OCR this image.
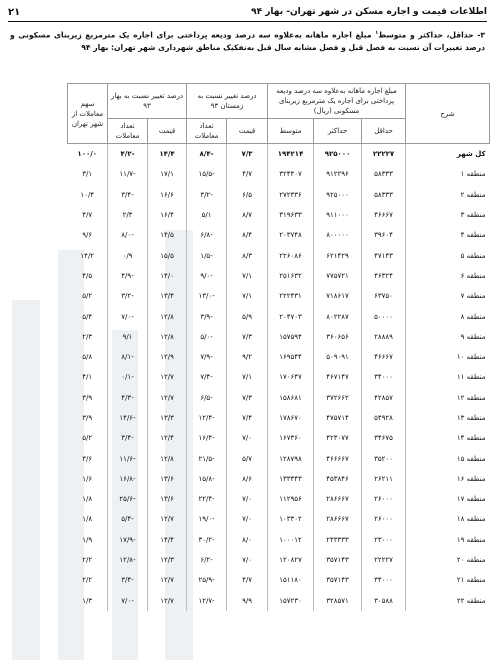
اطلاعات قیمت و اجاره مسکن در شهر تهران- بهار ۹۴
۲۱
۳- حداقل، حداکثر و متوسط$^۱$ مبلغ اجاره ماهانه به‌علاوه سه درصد ودیعه پرداختی برای اجاره یک مترمربع زیربنای مسکونی و درصد تغییرات آن نسبت به فصل قبل و فصل مشابه سال قبل به‌تفکیک مناطق شهرداری شهر تهران: بهار ۹۴
شرح	مبلغ اجاره ماهانه به‌علاوه سه درصد ودیعه پرداختی برای اجاره یک مترمربع زیربنای مسکونی (ریال)			درصد تغییر نسبت به زمستان ۹۳		درصد تغییر نسبت به بهار ۹۳		سهم معاملات از شهر تهران
	حداقل	حداکثر	متوسط	قیمت	تعداد معاملات	قیمت	تعداد معاملات	
کل شهر	۲۲۲۲۷	۹۲۵۰۰۰	۱۹۴۲۱۴	۷/۳	-۸/۴	۱۴/۴	-۴/۲	۱۰۰/۰
منطقه ۱	۵۸۳۳۳	۹۱۲۲۹۶	۳۲۴۴۰۷	۴/۷	-۱۵/۵	۱۷/۱	-۱۱/۷	۳/۱
منطقه ۲	۵۸۳۳۳	۹۲۵۰۰۰	۲۷۲۳۳۶	۶/۵	-۳/۲	۱۶/۶	-۳/۴	۱۰/۴
منطقه ۳	۴۶۶۶۷	۹۱۱۰۰۰	۳۱۹۶۳۳	۸/۷	۵/۱	۱۶/۴	۲/۳	۴/۷
منطقه ۴	۳۹۶۰۴	۸۰۰۰۰۰	۲۰۳۷۴۸	۸/۴	-۶/۸	۱۴/۵	-۸/۰	۹/۶
منطقه ۵	۴۷۱۴۳	۶۲۱۴۲۹	۲۲۶۰۸۶	۸/۳	-۱/۵	۱۵/۵	۰/۹	۱۴/۲
منطقه ۶	۴۶۳۲۴	۷۷۵۷۲۱	۲۵۱۶۳۲	۷/۱	-۹/۰	۱۴/۰	-۴/۹	۴/۵
منطقه ۷	۶۳۷۵۰	۷۱۸۶۱۷	۲۲۲۴۳۱	۷/۱	-۱۳/۰	۱۳/۴	-۳/۲	۵/۲
منطقه ۸	۵۰۰۰۰	۸۰۲۲۸۷	۲۰۴۷۰۳	۵/۹	-۳/۹	۱۲/۸	-۷/۰	۵/۴
منطقه ۹	۲۸۸۸۹	۳۶۰۶۵۶	۱۵۷۵۹۴	۷/۳	-۵/۰	۱۲/۸	۹/۱	۲/۳
منطقه ۱۰	۴۶۶۶۷	۵۰۹۰۹۱	۱۶۹۵۴۴	۹/۲	-۷/۹	۱۲/۹	-۸/۱	۵/۸
منطقه ۱۱	۳۴۰۰۰	۴۶۷۱۴۷	۱۷۰۶۴۷	۷/۱	-۷/۴	۱۲/۷	-۰/۱	۴/۱
منطقه ۱۲	۴۲۸۵۷	۳۷۲۶۶۲	۱۵۸۶۸۱	۷/۳	-۶/۵	۱۲/۷	-۴/۳	۳/۹
منطقه ۱۳	۵۴۹۲۸	۴۷۵۷۱۴	۱۷۸۶۷۰	۷/۴	-۱۲/۴	۱۳/۳	-۱۴/۶	۳/۹
منطقه ۱۴	۳۴۶۷۵	۴۲۳۰۷۷	۱۶۷۳۶۰	۷/۰	-۱۶/۴	۱۲/۴	-۳/۴	۵/۲
منطقه ۱۵	۳۵۲۰۰	۴۶۶۶۶۷	۱۲۸۷۹۸	۵/۷	-۲۱/۵	۱۲/۸	-۱۱/۶	۳/۶
منطقه ۱۶	۲۶۲۱۱	۴۵۳۸۴۶	۱۳۳۳۴۳	۸/۶	-۱۵/۸	۱۳/۶	-۱۶/۸	۱/۶
منطقه ۱۷	۲۶۰۰۰	۲۸۶۶۶۷	۱۱۲۹۵۶	۷/۰	-۲۲/۴	۱۳/۶	-۲۵/۶	۱/۸
منطقه ۱۸	۲۶۰۰۰	۲۸۶۶۶۷	۱۰۳۳۰۲	۷/۰	-۱۹/۰	۱۲/۷	-۵/۴	۱/۸
منطقه ۱۹	۲۳۰۰۰	۲۴۳۳۳۳	۱۰۰۰۱۲	۸/۰	-۳۰/۲	۱۴/۴	-۱۷/۹	۱/۹
منطقه ۲۰	۲۲۲۲۷	۳۵۷۱۴۳	۱۲۰۸۲۷	۷/۰	-۶/۲	۱۲/۳	-۱۲/۸	۲/۲
منطقه ۲۱	۳۴۰۰۰	۳۵۷۱۴۳	۱۵۱۱۸۰	۴/۷	-۲۵/۹	۱۲/۷	-۳/۴	۲/۲
منطقه ۲۲	۳۰۵۸۸	۳۲۸۵۷۱	۱۵۷۲۳۰	۹/۹	-۱۲/۷	۱۲/۷	-۷/۰	۱/۳
